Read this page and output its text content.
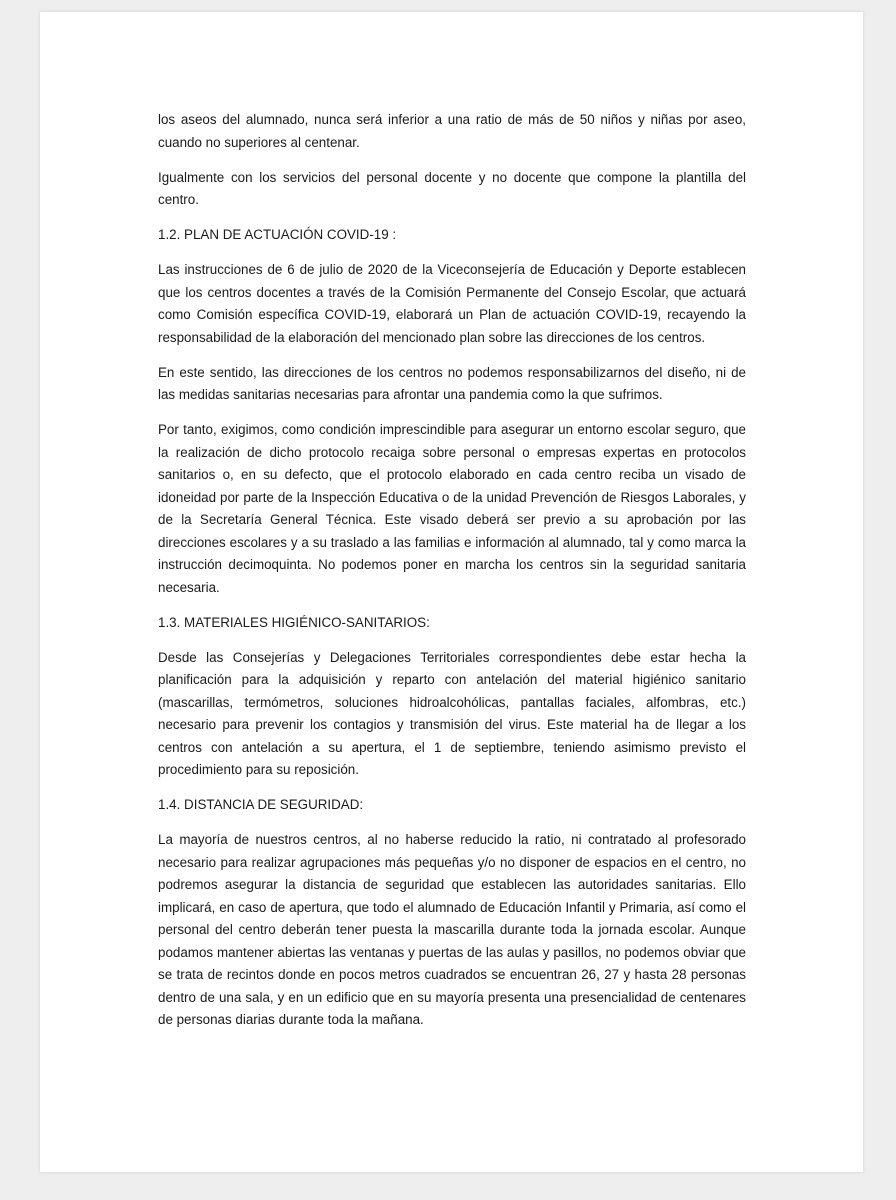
los aseos del alumnado, nunca será inferior a una ratio de más de 50 niños y niñas por aseo, cuando no superiores al centenar.

Igualmente con los servicios del personal docente y no docente que compone la plantilla del centro.

1.2. PLAN DE ACTUACIÓN COVID-19 :

Las instrucciones de 6 de julio de 2020 de la Viceconsejería de Educación y Deporte establecen que los centros docentes a través de la Comisión Permanente del Consejo Escolar, que actuará como Comisión específica COVID-19, elaborará un Plan de actuación COVID-19, recayendo la responsabilidad de la elaboración del mencionado plan sobre las direcciones de los centros.

En este sentido, las direcciones de los centros no podemos responsabilizarnos del diseño, ni de las medidas sanitarias necesarias para afrontar una pandemia como la que sufrimos.

Por tanto, exigimos, como condición imprescindible para asegurar un entorno escolar seguro, que la realización de dicho protocolo recaiga sobre personal o empresas expertas en protocolos sanitarios o, en su defecto, que el protocolo elaborado en cada centro reciba un visado de idoneidad por parte de la Inspección Educativa o de la unidad Prevención de Riesgos Laborales, y de la Secretaría General Técnica. Este visado deberá ser previo a su aprobación por las direcciones escolares y a su traslado a las familias e información al alumnado, tal y como marca la instrucción decimoquinta. No podemos poner en marcha los centros sin la seguridad sanitaria necesaria.

1.3. MATERIALES HIGIÉNICO-SANITARIOS:

Desde las Consejerías y Delegaciones Territoriales correspondientes debe estar hecha la planificación para la adquisición y reparto con antelación del material higiénico sanitario (mascarillas, termómetros, soluciones hidroalcohólicas, pantallas faciales, alfombras, etc.) necesario para prevenir los contagios y transmisión del virus. Este material ha de llegar a los centros con antelación a su apertura, el 1 de septiembre, teniendo asimismo previsto el procedimiento para su reposición.

1.4. DISTANCIA DE SEGURIDAD:

La mayoría de nuestros centros, al no haberse reducido la ratio, ni contratado al profesorado necesario para realizar agrupaciones más pequeñas y/o no disponer de espacios en el centro, no podremos asegurar la distancia de seguridad que establecen las autoridades sanitarias. Ello implicará, en caso de apertura, que todo el alumnado de Educación Infantil y Primaria, así como el personal del centro deberán tener puesta la mascarilla durante toda la jornada escolar. Aunque podamos mantener abiertas las ventanas y puertas de las aulas y pasillos, no podemos obviar que se trata de recintos donde en pocos metros cuadrados se encuentran 26, 27 y hasta 28 personas dentro de una sala, y en un edificio que en su mayoría presenta una presencialidad de centenares de personas diarias durante toda la mañana.
